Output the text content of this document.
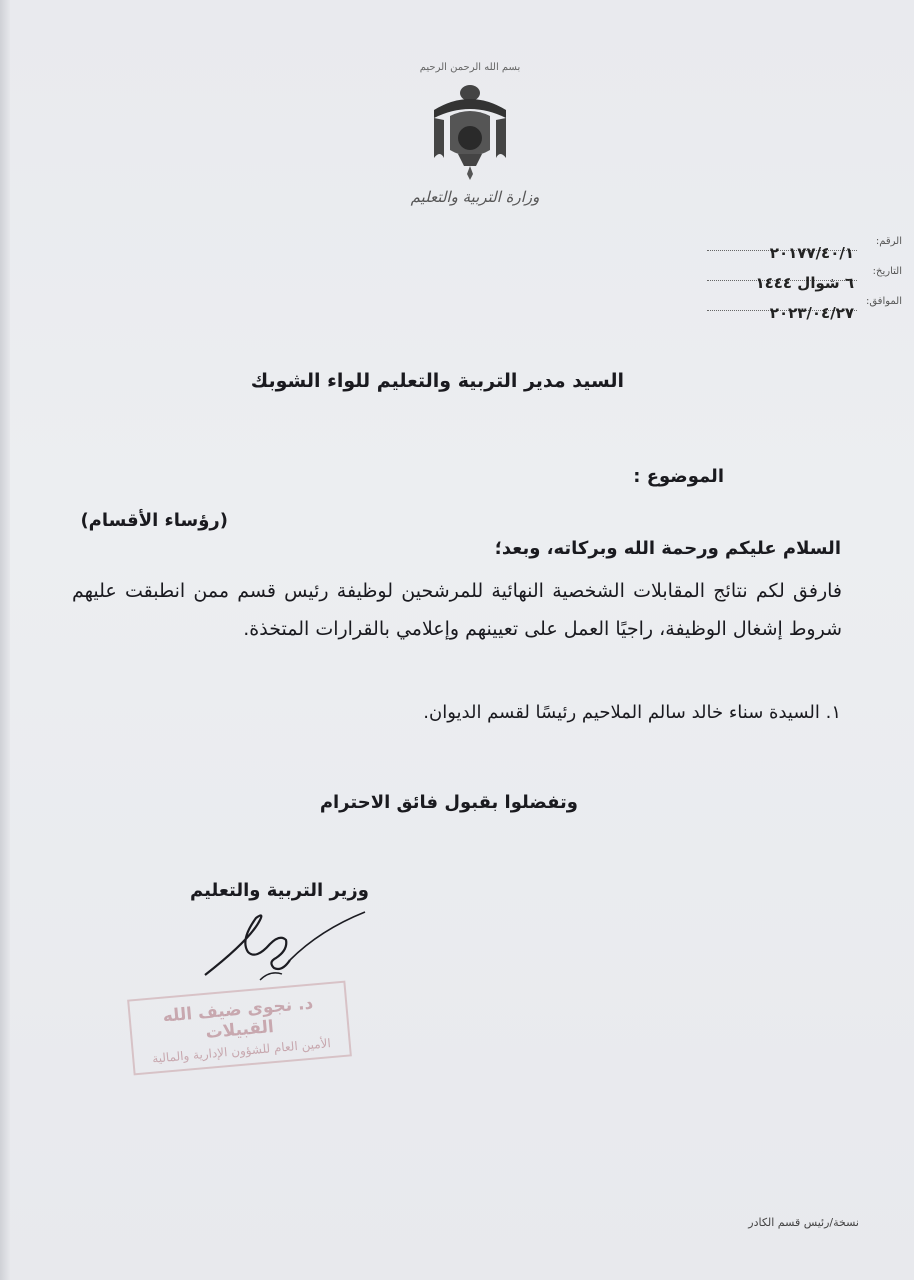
بسم الله الرحمن الرحيم
وزارة التربية والتعليم
الرقم:
٢٠١٧٧/٤٠/١
التاريخ:
٦ شوال ١٤٤٤
الموافق:
٢٠٢٣/٠٤/٢٧
السيد مدير التربية والتعليم للواء الشوبك
الموضوع :
(رؤساء الأقسام)
السلام عليكم ورحمة الله وبركاته، وبعد؛
فارفق لكم نتائج المقابلات الشخصية النهائية للمرشحين لوظيفة رئيس قسم ممن انطبقت عليهم شروط إشغال الوظيفة، راجيًا العمل على تعيينهم وإعلامي بالقرارات المتخذة.
١. السيدة سناء خالد سالم الملاحيم رئيسًا لقسم الديوان.
وتفضلوا بقبول فائق الاحترام
وزير التربية والتعليم
د. نجوى ضيف الله القبيلات
الأمين العام للشؤون الإدارية والمالية
نسخة/رئيس قسم الكادر
